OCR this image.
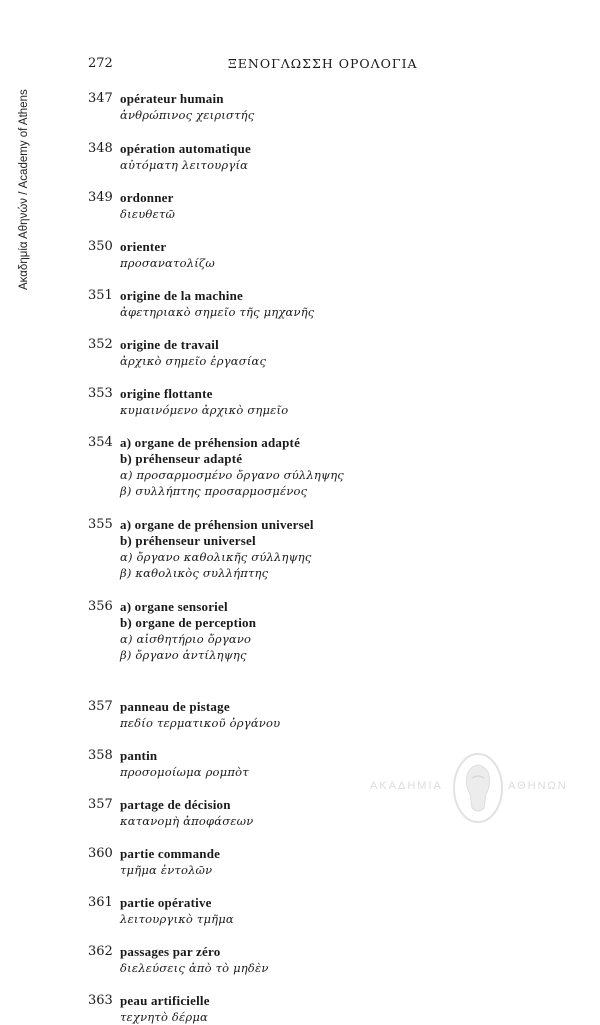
Ακαδημία Αθηνών / Academy of Athens
272	ΞΕΝΟΓΛΩΣΣΗ ΟΡΟΛΟΓΙΑ
347 opérateur humain
ἀνθρώπινος χειριστής
348 opération automatique
αὐτόματη λειτουργία
349 ordonner
διευθετῶ
350 orienter
προσανατολίζω
351 origine de la machine
ἀφετηριακὸ σημεῖο τῆς μηχανῆς
352 origine de travail
ἀρχικὸ σημεῖο ἐργασίας
353 origine flottante
κυμαινόμενο ἀρχικὸ σημεῖο
354 a) organe de préhension adapté
b) préhenseur adapté
α) προσαρμοσμένο ὄργανο σύλληψης
β) συλλήπτης προσαρμοσμένος
355 a) organe de préhension universel
b) préhenseur universel
α) ὄργανο καθολικῆς σύλληψης
β) καθολικὸς συλλήπτης
356 a) organe sensoriel
b) organe de perception
α) αἰσθητήριο ὄργανο
β) ὄργανο ἀντίληψης
357 panneau de pistage
πεδίο τερματικοῦ ὀργάνου
358 pantin
προσομοίωμα ρομπὸτ
357 partage de décision
κατανομὴ ἀποφάσεων
360 partie commande
τμῆμα ἐντολῶν
361 partie opérative
λειτουργικὸ τμῆμα
362 passages par zéro
διελεύσεις ἀπὸ τὸ μηδὲν
363 peau artificielle
τεχνητὸ δέρμα
ΑΚΑΔΗΜΙΑ	ΑΘΗΝΩΝ
